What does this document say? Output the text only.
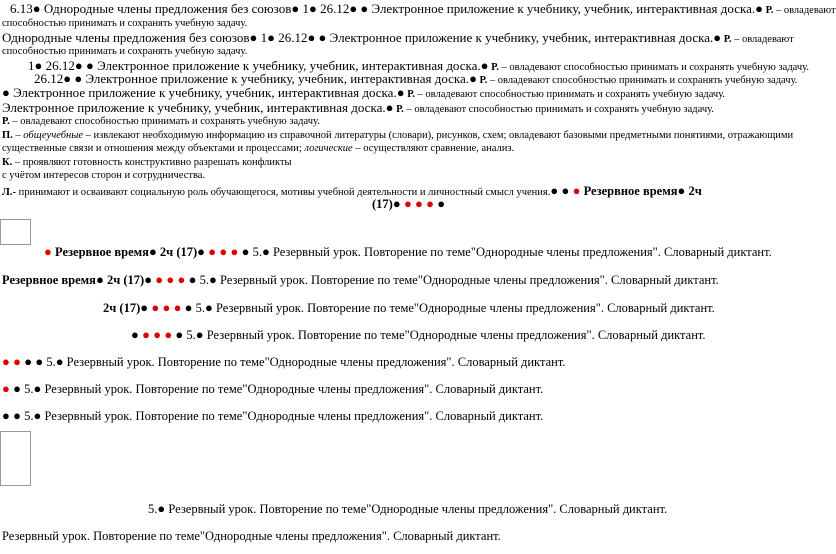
6.13● Однородные члены предложения без союзов● 1● 26.12● ● Электронное приложение к учебнику, учебник, интерактивная доска.● Р. – овладевают
способностью принимать и сохранять учебную задачу.
Однородные члены предложения без союзов● 1● 26.12● ● Электронное приложение к учебнику, учебник, интерактивная доска.● Р. – овладевают
способностью принимать и сохранять учебную задачу.
1● 26.12● ● Электронное приложение к учебнику, учебник, интерактивная доска.● Р. – овладевают способностью принимать и сохранять учебную задачу.
26.12● ● Электронное приложение к учебнику, учебник, интерактивная доска.● Р. – овладевают способностью принимать и сохранять учебную задачу.
● Электронное приложение к учебнику, учебник, интерактивная доска.● Р. – овладевают способностью принимать и сохранять учебную задачу.
Электронное приложение к учебнику, учебник, интерактивная доска.● Р. – овладевают способностью принимать и сохранять учебную задачу.
Р. – овладевают способностью принимать и сохранять учебную задачу.
П. – общеучебные – извлекают необходимую информацию из справочной литературы (словари), рисунков, схем; овладевают базовыми предметными понятиями, отражающими
существенные связи и отношения между объектами и процессами; логические – осуществляют сравнение, анализ.
К. – проявляют готовность конструктивно разрешать конфликты
с учётом интересов сторон и сотрудничества.
Л.- принимают и осваивают социальную роль обучающегося, мотивы учебной деятельности и личностный смысл учения.● ● ● Резервное время● 2ч
(17)● ● ● ● ●
● Резервное время● 2ч (17)● ● ● ● ● 5.● Резервный урок. Повторение по теме"Однородные члены предложения". Словарный диктант.
Резервное время● 2ч (17)● ● ● ● ● 5.● Резервный урок. Повторение по теме"Однородные члены предложения". Словарный диктант.
2ч (17)● ● ● ● ● 5.● Резервный урок. Повторение по теме"Однородные члены предложения". Словарный диктант.
● ● ● ● ● 5.● Резервный урок. Повторение по теме"Однородные члены предложения". Словарный диктант.
● ● ● ● 5.● Резервный урок. Повторение по теме"Однородные члены предложения". Словарный диктант.
● ● 5.● Резервный урок. Повторение по теме"Однородные члены предложения". Словарный диктант.
● ● 5.● Резервный урок. Повторение по теме"Однородные члены предложения". Словарный диктант.
5.● Резервный урок. Повторение по теме"Однородные члены предложения". Словарный диктант.
Резервный урок. Повторение по теме"Однородные члены предложения". Словарный диктант.
